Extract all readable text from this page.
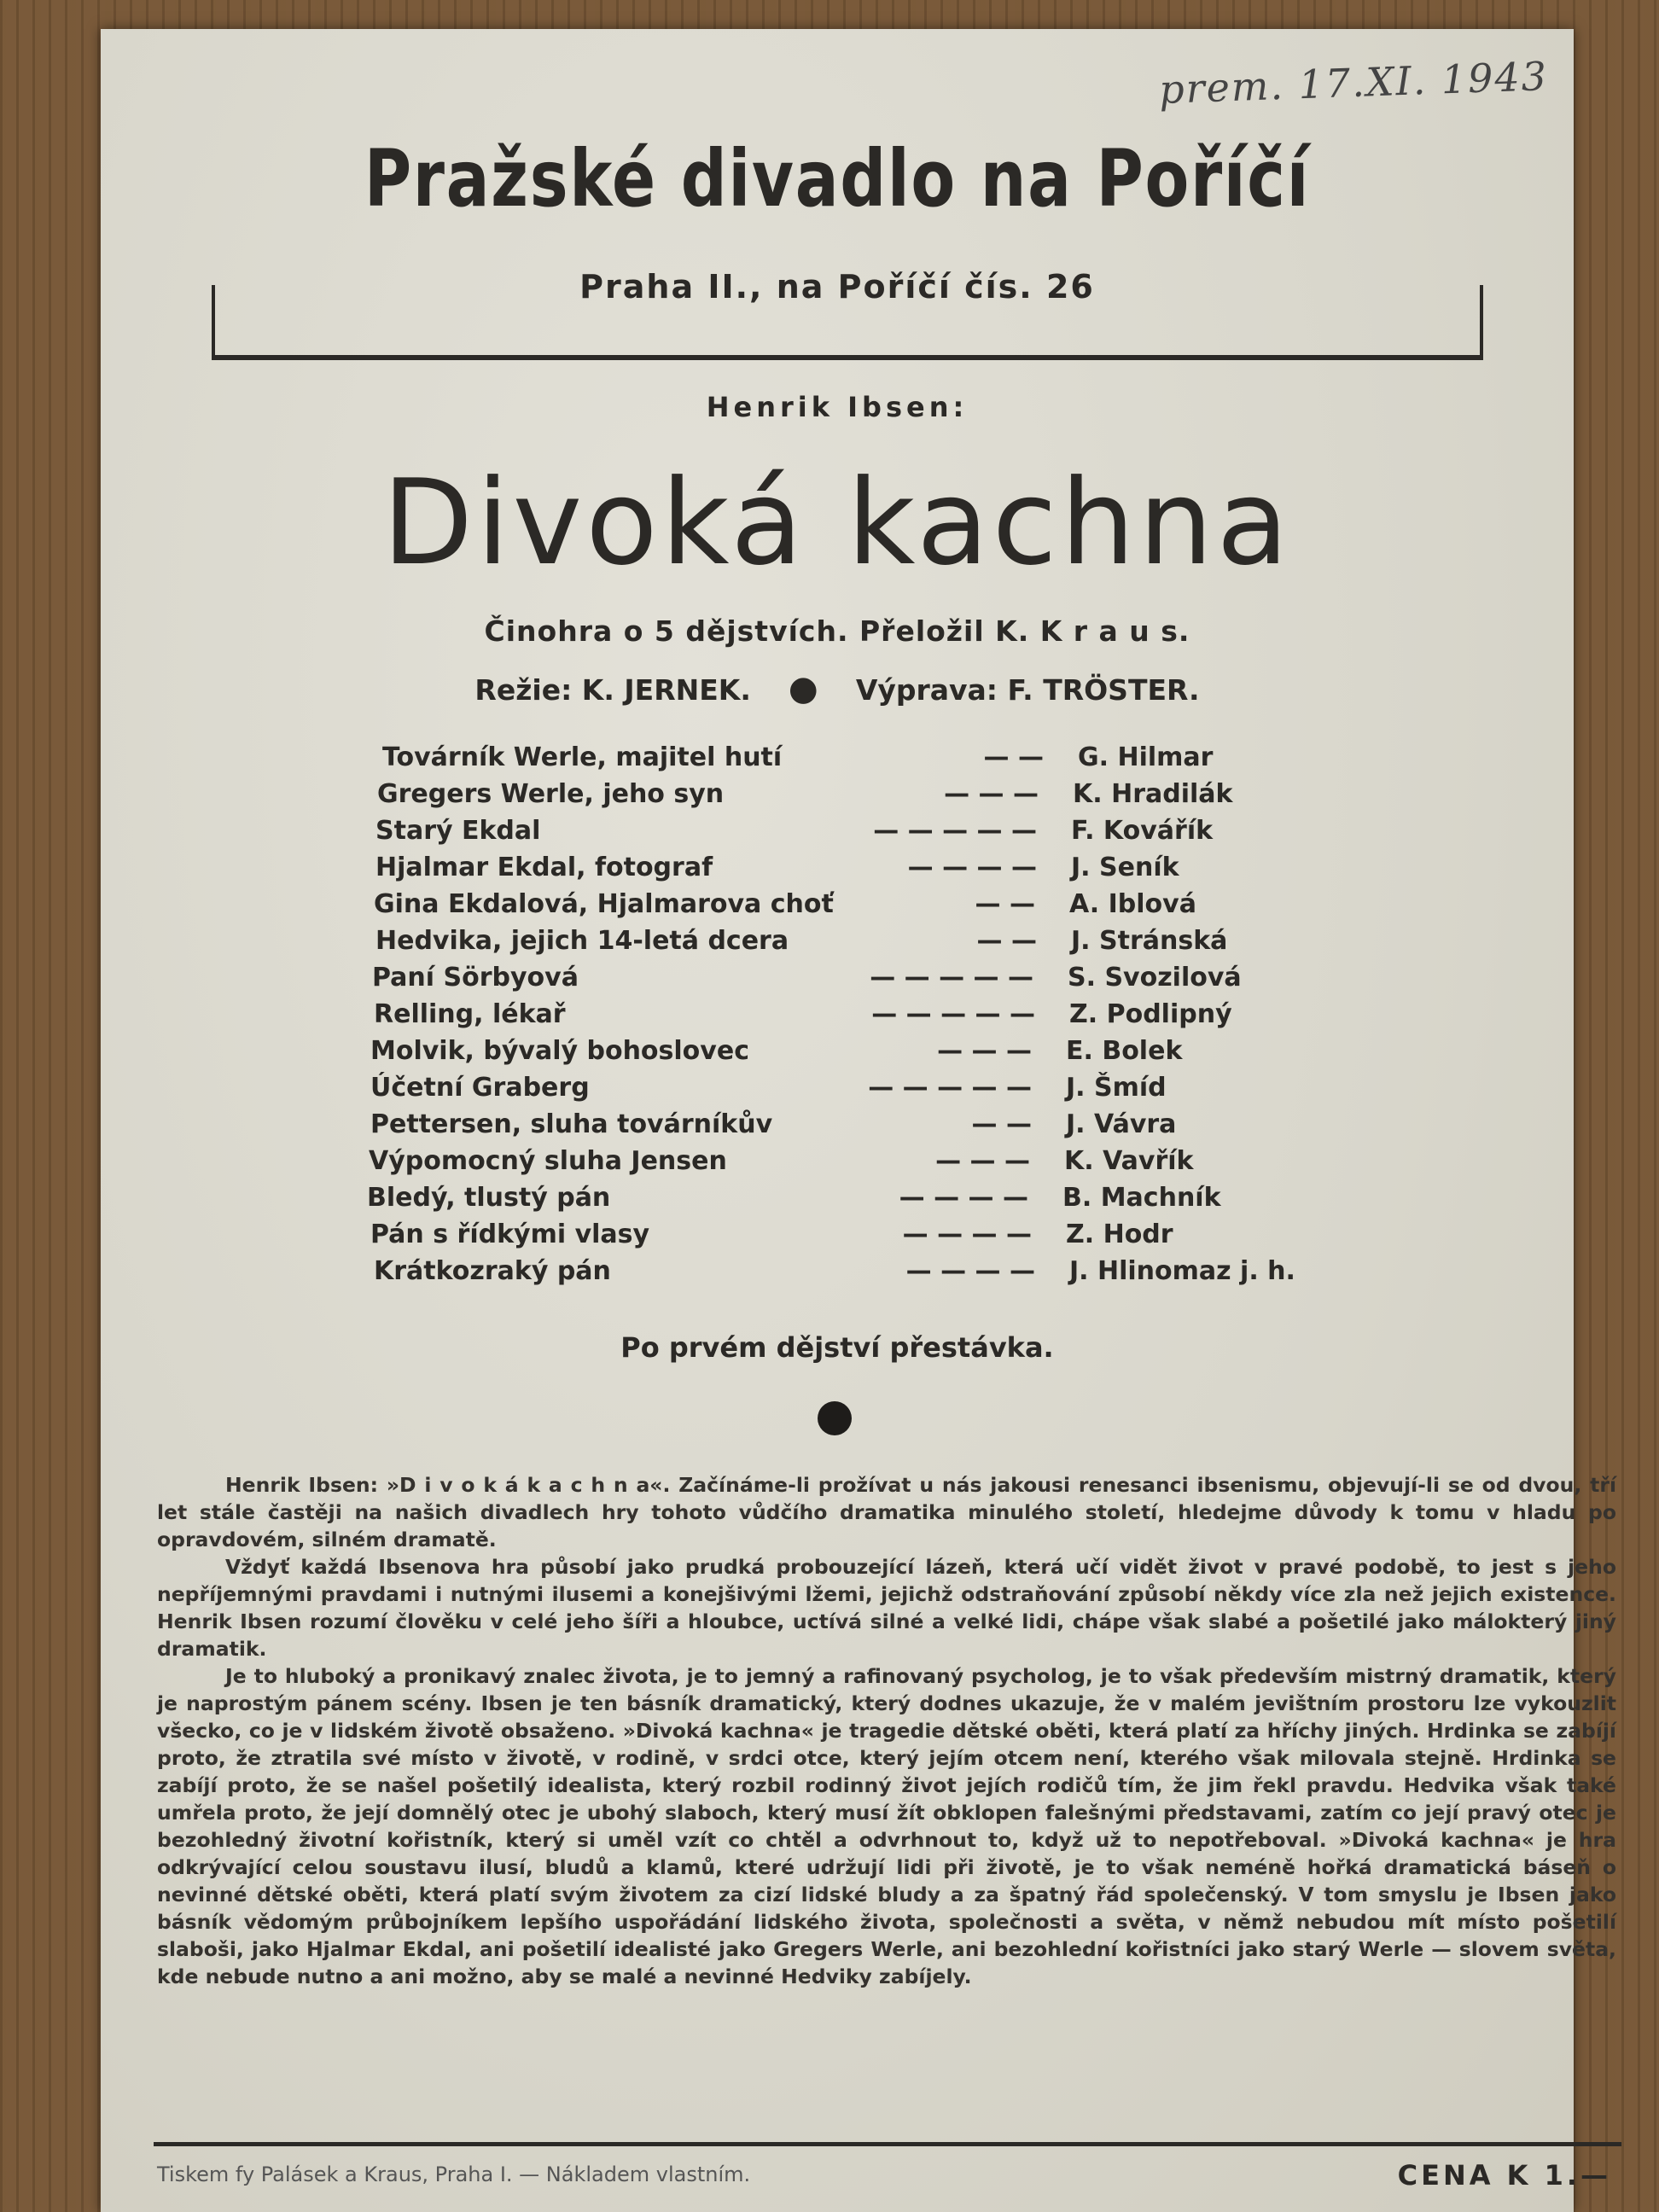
prem. 17.XI. 1943
Pražské divadlo na Poříčí
Praha II., na Poříčí čís. 26
Henrik Ibsen:
Divoká kachna
Činohra o 5 dějstvích. Přeložil K. K r a u s.
Režie: K. JERNEK. ● Výprava: F. TRÖSTER.
Továrník Werle, majitel hutí	— — G. Hilmar
Gregers Werle, jeho syn	— — — K. Hradilák
Starý Ekdal	— — — — — F. Kovářík
Hjalmar Ekdal, fotograf	— — — — J. Seník
Gina Ekdalová, Hjalmarova choť	— — A. Iblová
Hedvika, jejich 14-letá dcera	— — J. Stránská
Paní Sörbyová	— — — — — S. Svozilová
Relling, lékař	— — — — — Z. Podlipný
Molvik, bývalý bohoslovec	— — — E. Bolek
Účetní Graberg	— — — — — J. Šmíd
Pettersen, sluha továrníkův	— — J. Vávra
Výpomocný sluha Jensen	— — — K. Vavřík
Bledý, tlustý pán	— — — — B. Machník
Pán s řídkými vlasy	— — — — Z. Hodr
Krátkozraký pán	— — — — J. Hlinomaz j. h.
Po prvém dějství přestávka.

Henrik Ibsen: »D i v o k á k a c h n a«. Začínáme-li prožívat u nás jakousi renesanci ibsenismu, objevují-li se od dvou, tří let stále častěji na našich divadlech hry tohoto vůdčího dramatika minulého století, hledejme důvody k tomu v hladu po opravdovém, silném dramatě.

Vždyť každá Ibsenova hra působí jako prudká probouzející lázeň, která učí vidět život v pravé podobě, to jest s jeho nepříjemnými pravdami i nutnými ilusemi a konejšivými lžemi, jejichž odstraňování způsobí někdy více zla než jejich existence. Henrik Ibsen rozumí člověku v celé jeho šíři a hloubce, uctívá silné a velké lidi, chápe však slabé a pošetilé jako málokterý jiný dramatik.

Je to hluboký a pronikavý znalec života, je to jemný a rafinovaný psycholog, je to však především mistrný dramatik, který je naprostým pánem scény. Ibsen je ten básník dramatický, který dodnes ukazuje, že v malém jevištním prostoru lze vykouzlit všecko, co je v lidském životě obsaženo. »Divoká kachna« je tragedie dětské oběti, která platí za hříchy jiných. Hrdinka se zabíjí proto, že ztratila své místo v životě, v rodině, v srdci otce, který jejím otcem není, kterého však milovala stejně. Hrdinka se zabíjí proto, že se našel pošetilý idealista, který rozbil rodinný život jejích rodičů tím, že jim řekl pravdu. Hedvika však také umřela proto, že její domnělý otec je ubohý slaboch, který musí žít obklopen falešnými představami, zatím co její pravý otec je bezohledný životní kořistník, který si uměl vzít co chtěl a odvrhnout to, když už to nepotřeboval. »Divoká kachna« je hra odkrývající celou soustavu ilusí, bludů a klamů, které udržují lidi při životě, je to však neméně hořká dramatická báseň o nevinné dětské oběti, která platí svým životem za cizí lidské bludy a za špatný řád společenský. V tom smyslu je Ibsen jako básník vědomým průbojníkem lepšího uspořádání lidského života, společnosti a světa, v němž nebudou mít místo pošetilí slaboši, jako Hjalmar Ekdal, ani pošetilí idealisté jako Gregers Werle, ani bezohlední kořistníci jako starý Werle — slovem světa, kde nebude nutno a ani možno, aby se malé a nevinné Hedviky zabíjely.

Tiskem fy Palásek a Kraus, Praha I. — Nákladem vlastním.	CENA K 1.—
